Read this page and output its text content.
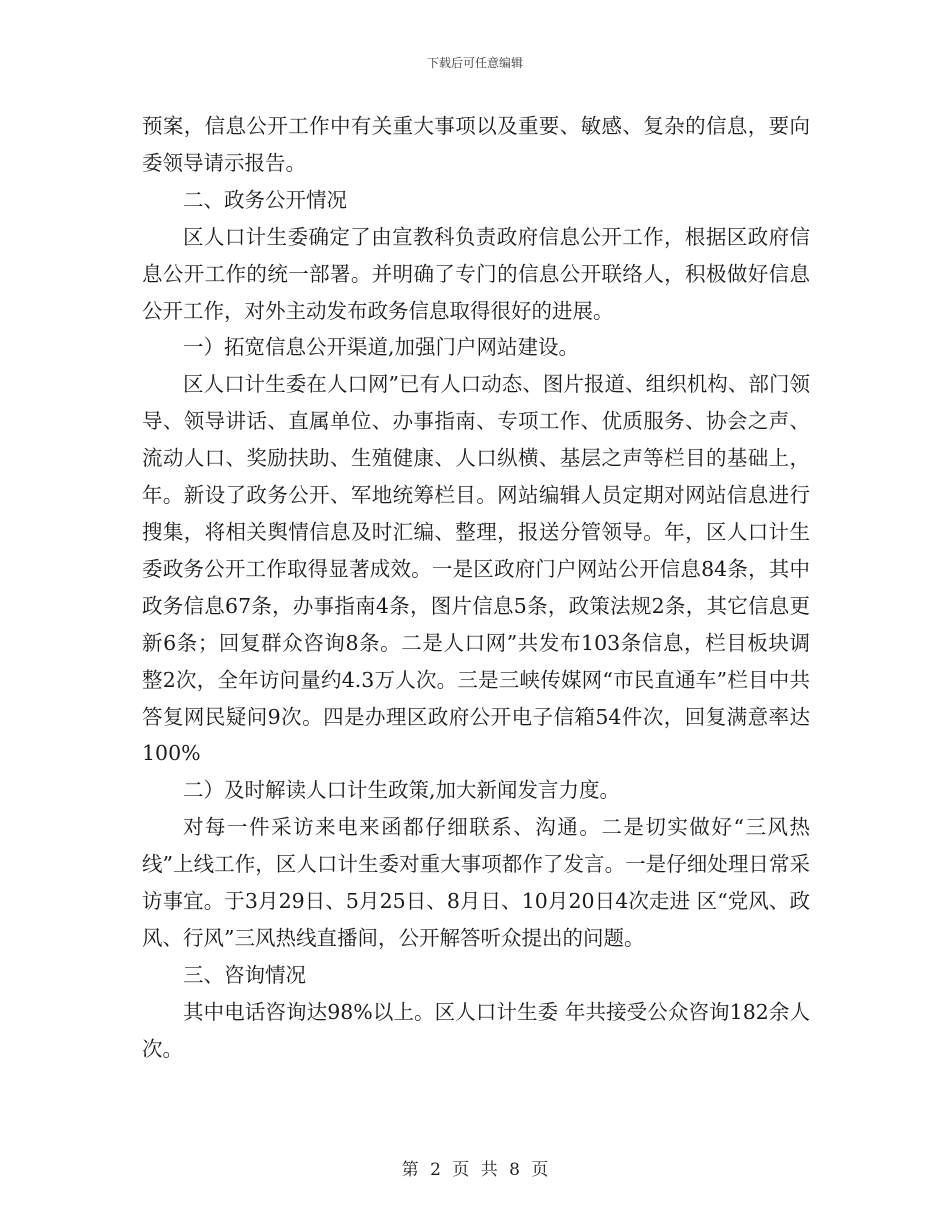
下载后可任意编辑

预案，信息公开工作中有关重大事项以及重要、敏感、复杂的信息，要向委领导请示报告。

二、政务公开情况

区人口计生委确定了由宣教科负责政府信息公开工作，根据区政府信息公开工作的统一部署。并明确了专门的信息公开联络人，积极做好信息公开工作，对外主动发布政务信息取得很好的进展。

一）拓宽信息公开渠道,加强门户网站建设。

区人口计生委在人口网”已有人口动态、图片报道、组织机构、部门领导、领导讲话、直属单位、办事指南、专项工作、优质服务、协会之声、流动人口、奖励扶助、生殖健康、人口纵横、基层之声等栏目的基础上， 年。新设了政务公开、军地统筹栏目。网站编辑人员定期对网站信息进行搜集，将相关舆情信息及时汇编、整理，报送分管领导。年，区人口计生委政务公开工作取得显著成效。一是区政府门户网站公开信息84条，其中政务信息67条，办事指南4条，图片信息5条，政策法规2条，其它信息更新6条；回复群众咨询8条。二是人口网”共发布103条信息，栏目板块调整2次，全年访问量约4.3万人次。三是三峡传媒网“市民直通车”栏目中共答复网民疑问9次。四是办理区政府公开电子信箱54件次，回复满意率达100%

二）及时解读人口计生政策,加大新闻发言力度。

对每一件采访来电来函都仔细联系、沟通。二是切实做好“三风热线”上线工作，区人口计生委对重大事项都作了发言。一是仔细处理日常采访事宜。于3月29日、5月25日、8月日、10月20日4次走进 区“党风、政风、行风”三风热线直播间，公开解答听众提出的问题。

三、咨询情况

其中电话咨询达98%以上。区人口计生委 年共接受公众咨询182余人次。

第 2 页 共 8 页
